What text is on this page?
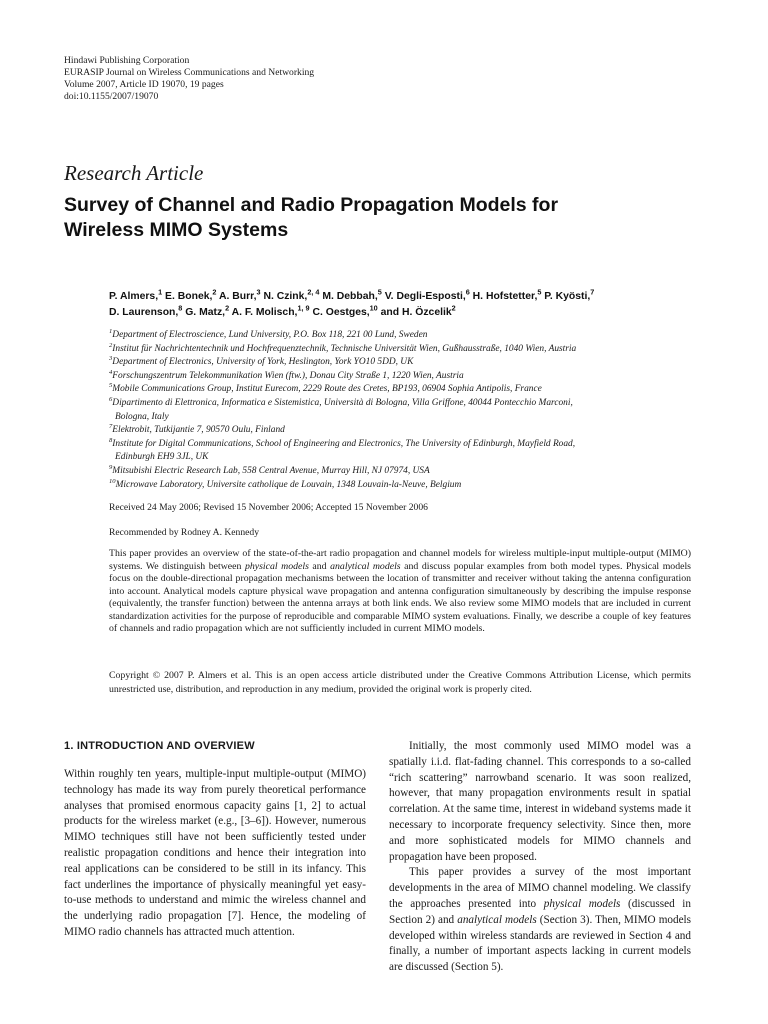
Hindawi Publishing Corporation
EURASIP Journal on Wireless Communications and Networking
Volume 2007, Article ID 19070, 19 pages
doi:10.1155/2007/19070
Research Article
Survey of Channel and Radio Propagation Models for
Wireless MIMO Systems
P. Almers,$^1$ E. Bonek,$^2$ A. Burr,$^3$ N. Czink,$^{2, 4}$ M. Debbah,$^5$ V. Degli-Esposti,$^6$ H. Hofstetter,$^5$ P. Kyösti,$^7$
D. Laurenson,$^8$ G. Matz,$^2$ A. F. Molisch,$^{1, 9}$ C. Oestges,$^{10}$ and H. Özcelik$^2$
$^1$Department of Electroscience, Lund University, P.O. Box 118, 221 00 Lund, Sweden
$^2$Institut für Nachrichtentechnik und Hochfrequenztechnik, Technische Universität Wien, Gußhausstraße, 1040 Wien, Austria
$^3$Department of Electronics, University of York, Heslington, York YO10 5DD, UK
$^4$Forschungszentrum Telekommunikation Wien (ftw.), Donau City Straße 1, 1220 Wien, Austria
$^5$Mobile Communications Group, Institut Eurecom, 2229 Route des Cretes, BP193, 06904 Sophia Antipolis, France
$^6$Dipartimento di Elettronica, Informatica e Sistemistica, Università di Bologna, Villa Griffone, 40044 Pontecchio Marconi,
Bologna, Italy
$^7$Elektrobit, Tutkijantie 7, 90570 Oulu, Finland
$^8$Institute for Digital Communications, School of Engineering and Electronics, The University of Edinburgh, Mayfield Road,
Edinburgh EH9 3JL, UK
$^9$Mitsubishi Electric Research Lab, 558 Central Avenue, Murray Hill, NJ 07974, USA
$^{10}$Microwave Laboratory, Universite catholique de Louvain, 1348 Louvain-la-Neuve, Belgium
Received 24 May 2006; Revised 15 November 2006; Accepted 15 November 2006
Recommended by Rodney A. Kennedy
This paper provides an overview of the state-of-the-art radio propagation and channel models for wireless multiple-input multiple-output (MIMO) systems. We distinguish between physical models and analytical models and discuss popular examples from both model types. Physical models focus on the double-directional propagation mechanisms between the location of transmitter and receiver without taking the antenna configuration into account. Analytical models capture physical wave propagation and antenna configuration simultaneously by describing the impulse response (equivalently, the transfer function) between the antenna arrays at both link ends. We also review some MIMO models that are included in current standardization activities for the purpose of reproducible and comparable MIMO system evaluations. Finally, we describe a couple of key features of channels and radio propagation which are not sufficiently included in current MIMO models.
Copyright © 2007 P. Almers et al. This is an open access article distributed under the Creative Commons Attribution License, which permits unrestricted use, distribution, and reproduction in any medium, provided the original work is properly cited.
1. INTRODUCTION AND OVERVIEW

Within roughly ten years, multiple-input multiple-output (MIMO) technology has made its way from purely theoretical performance analyses that promised enormous capacity gains [1, 2] to actual products for the wireless market (e.g., [3–6]). However, numerous MIMO techniques still have not been sufficiently tested under realistic propagation conditions and hence their integration into real applications can be considered to be still in its infancy. This fact underlines the importance of physically meaningful yet easy-to-use methods to understand and mimic the wireless channel and the underlying radio propagation [7]. Hence, the modeling of MIMO radio channels has attracted much attention.

Initially, the most commonly used MIMO model was a spatially i.i.d. flat-fading channel. This corresponds to a so-called “rich scattering” narrowband scenario. It was soon realized, however, that many propagation environments result in spatial correlation. At the same time, interest in wideband systems made it necessary to incorporate frequency selectivity. Since then, more and more sophisticated models for MIMO channels and propagation have been proposed.

This paper provides a survey of the most important developments in the area of MIMO channel modeling. We classify the approaches presented into physical models (discussed in Section 2) and analytical models (Section 3). Then, MIMO models developed within wireless standards are reviewed in Section 4 and finally, a number of important aspects lacking in current models are discussed (Section 5).
